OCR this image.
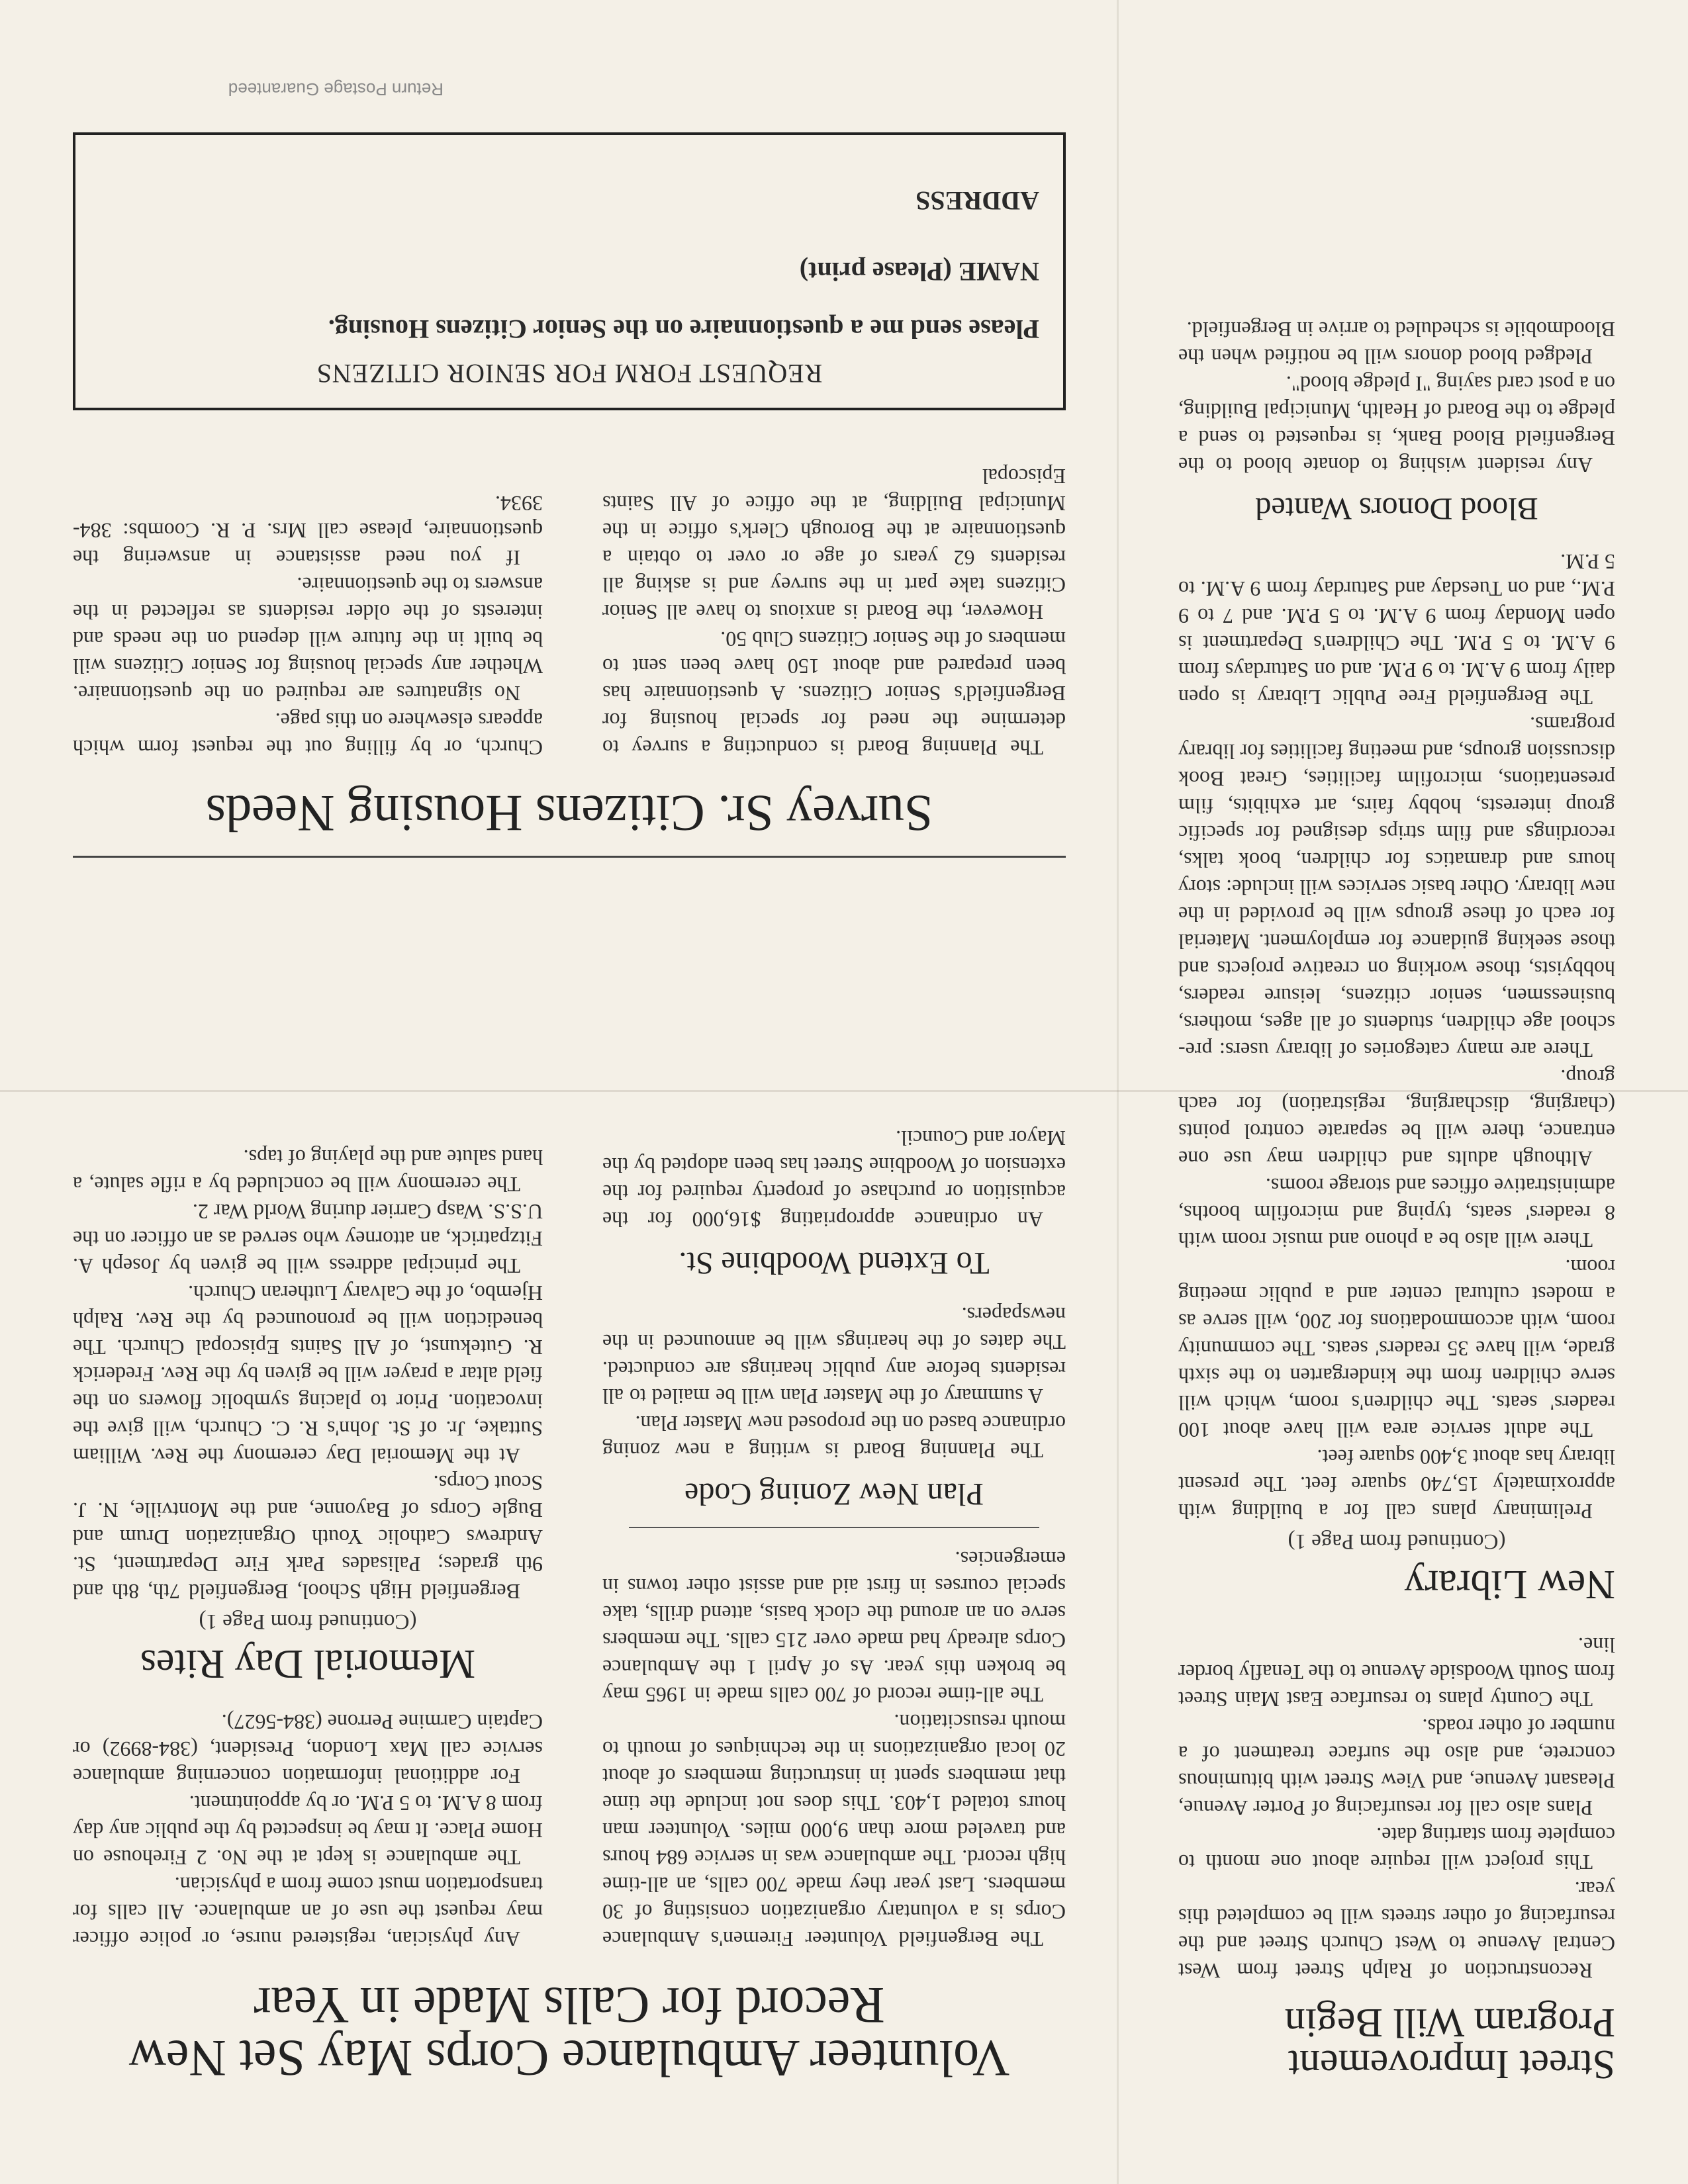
Return Postage Guaranteed
Street Improvement Program Will Begin

Reconstruction of Ralph Street from West Central Avenue to West Church Street and the resurfacing of other streets will be completed this year.

This project will require about one month to complete from starting date.

Plans also call for resurfacing of Porter Avenue, Pleasant Avenue, and View Street with bituminous concrete, and also the surface treatment of a number of other roads.

The County plans to resurface East Main Street from South Woodside Avenue to the Tenafly border line.

New Library
(Continued from Page 1)

Preliminary plans call for a building with approximately 15,740 square feet. The present library has about 3,400 square feet.

The adult service area will have about 100 readers' seats. The children's room, which will serve children from the kindergarten to the sixth grade, will have 35 readers' seats. The community room, with accommodations for 200, will serve as a modest cultural center and a public meeting room.

There will also be a phono and music room with 8 readers' seats, typing and microfilm booths, administrative offices and storage rooms.

Although adults and children may use one entrance, there will be separate control points (charging, discharging, registration) for each group.

There are many categories of library users: pre-school age children, students of all ages, mothers, businessmen, senior citizens, leisure readers, hobbyists, those working on creative projects and those seeking guidance for employment. Material for each of these groups will be provided in the new library. Other basic services will include: story hours and dramatics for children, book talks, recordings and film strips designed for specific group interests, hobby fairs, art exhibits, film presentations, microfilm facilities, Great Book discussion groups, and meeting facilities for library programs.

The Bergenfield Free Public Library is open daily from 9 A.M. to 9 P.M. and on Saturdays from 9 A.M. to 5 P.M. The Children's Department is open Monday from 9 A.M. to 5 P.M. and 7 to 9 P.M., and on Tuesday and Saturday from 9 A.M. to 5 P.M.

Blood Donors Wanted

Any resident wishing to donate blood to the Bergenfield Blood Bank, is requested to send a pledge to the Board of Health, Municipal Building, on a post card saying "I pledge blood".

Pledged blood donors will be notified when the Bloodmobile is scheduled to arrive in Bergenfield.

Volunteer Ambulance Corps May Set New Record for Calls Made in Year

The Bergenfield Volunteer Firemen's Ambulance Corps is a voluntary organization consisting of 30 members. Last year they made 700 calls, an all-time high record. The ambulance was in service 684 hours and traveled more than 9,000 miles. Volunteer man hours totaled 1,403. This does not include the time that members spent in instructing members of about 20 local organizations in the techniques of mouth to mouth resuscitation.

The all-time record of 700 calls made in 1965 may be broken this year. As of April 1 the Ambulance Corps already had made over 215 calls. The members serve on an around the clock basis, attend drills, take special courses in first aid and assist other towns in emergencies.

Plan New Zoning Code

The Planning Board is writing a new zoning ordinance based on the proposed new Master Plan.

A summary of the Master Plan will be mailed to all residents before any public hearings are conducted. The dates of the hearings will be announced in the newspapers.

To Extend Woodbine St.

An ordinance appropriating $16,000 for the acquisition or purchase of property required for the extension of Woodbine Street has been adopted by the Mayor and Council.

Any physician, registered nurse, or police officer may request the use of an ambulance. All calls for transportation must come from a physician.

The ambulance is kept at the No. 2 Firehouse on Home Place. It may be inspected by the public any day from 8 A.M. to 5 P.M. or by appointment.

For additional information concerning ambulance service call Max London, President, (384-8992) or Captain Carmine Perrone (384-5627).

Memorial Day Rites
(Continued from Page 1)

Bergenfield High School, Bergenfield 7th, 8th and 9th grades; Palisades Park Fire Department, St. Andrews Catholic Youth Organization Drum and Bugle Corps of Bayonne, and the Montville, N. J. Scout Corps.

At the Memorial Day ceremony the Rev. William Suttake, Jr. of St. John's R. C. Church, will give the invocation. Prior to placing symbolic flowers on the field altar a prayer will be given by the Rev. Frederick R. Gutekunst, of All Saints Episcopal Church. The benediction will be pronounced by the Rev. Ralph Hjembo, of the Calvary Lutheran Church.

The principal address will be given by Joseph A. Fitzpatrick, an attorney who served as an officer on the U.S.S. Wasp Carrier during World War 2.

The ceremony will be concluded by a rifle salute, a hand salute and the playing of taps.

Survey Sr. Citizens Housing Needs

The Planning Board is conducting a survey to determine the need for special housing for Bergenfield's Senior Citizens. A questionnaire has been prepared and about 150 have been sent to members of the Senior Citizens Club 50.

However, the Board is anxious to have all Senior Citizens take part in the survey and is asking all residents 62 years of age or over to obtain a questionnaire at the Borough Clerk's office in the Municipal Building, at the office of All Saints Episcopal

Church, or by filling out the request form which appears elsewhere on this page.

No signatures are required on the questionnaire. Whether any special housing for Senior Citizens will be built in the future will depend on the needs and interests of the older residents as reflected in the answers to the questionnaire.

If you need assistance in answering the questionnaire, please call Mrs. P. R. Coombs: 384-3934.

REQUEST FORM FOR SENIOR CITIZENS
Please send me a questionnaire on the Senior Citizens Housing.
NAME (Please print)
ADDRESS
